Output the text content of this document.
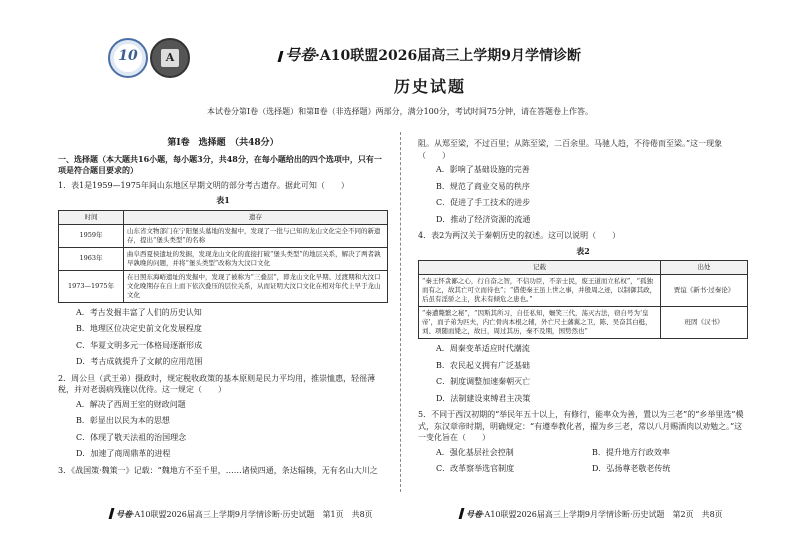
10	A	号卷·A10联盟2026届高三上学期9月学情诊断
历史试题
本试卷分第Ⅰ卷（选择题）和第Ⅱ卷（非选择题）两部分，满分100分，考试时间75分钟，请在答题卷上作答。
第Ⅰ卷　选择题　（共48分）
一、选择题（本大题共16小题，每小题3分，共48分，在每小题给出的四个选项中，只有一项是符合题目要求的）
1．表1是1959—1975年间山东地区早期文明的部分考古遗存。据此可知（　　）
表1
时间	遗存
1959年	山东省文物部门在宁阳堡头墓地的发掘中，发现了一批与已知的龙山文化完全不同的新遗存，提出“堡头类型”的名称
1963年	曲阜西夏侯遗址的发掘，发现龙山文化的直接打破“堡头类型”的地层关系，解决了两者孰早孰晚的问题，并将“堡头类型”改称为大汶口文化
1973—1975年	在日照东海峪遗址的发掘中，发现了被称为“三叠层”，即龙山文化早期、过渡期和大汶口文化晚期存在自上而下依次叠压的层位关系，从而证明大汶口文化在相对年代上早于龙山文化
A．考古发掘丰富了人们的历史认知
B．地理区位决定史前文化发展程度
C．华夏文明多元一体格局逐渐形成
D．考古成就提升了文献的应用范围
2．周公旦（武王弟）摄政时，规定税收政策的基本原则是民力平均用，推崇恤惠，轻徭薄税，并对老弱病残施以优待。这一规定（　　）
A．解决了西周王室的财政问题
B．彰显出以民为本的思想
C．体现了敬天法祖的治国理念
D．加速了商周鼎革的进程
3．《战国策·魏策一》记载：“魏地方不至千里，……诸侯四通，条达辐辏，无有名山大川之
阻。从郑至梁，不过百里；从陈至梁，二百余里。马驰人趋，不待倦而至梁。”这一现象（　　）
A．影响了基础设施的完善
B．规范了商业交易的秩序
C．促进了手工技术的进步
D．推动了经济资源的流通
4．表2为两汉关于秦朝历史的叙述。这可以说明（　　）
表2
记载	出处
“秦王怀贪鄙之心，行自奋之智，不信功臣，不亲士民，废王道而立私权”，“孤独而有之，故其亡可立而待也”；“借使秦王虽上世之事，并殷周之迹，以制御其政，后虽有淫骄之主，犹未有倾危之患也。”	贾谊《新书·过秦论》
“秦遭斃繁之秘”，“因斯其所习，自任私知，姍笑三代，荡灭古法，窃自号为‘皇帝’，而子弟为匹夫，内亡骨肉本根之辅，外亡尺土藩翼之卫，陈、吴奋其白梃，刘、项随而毙之，故曰，周过其历，秦不及期，国势然也”	班固《汉书》
A．周秦变革适应时代潮流
B．农民起义拥有广泛基础
C．制度调整加速秦朝灭亡
D．法制建设束缚君主决策
5．不同于西汉初期的“举民年五十以上，有修行，能率众为善，置以为三老”的“乡举里选”模式，东汉章帝时期，明确规定：“有遵奉教化者，擢为乡三老，常以八月赐酒肉以劝勉之。”这一变化旨在（　　）
A．强化基层社会控制	B．提升地方行政效率
C．改革察举选官制度	D．弘扬尊老敬老传统
号卷·A10联盟2026届高三上学期9月学情诊断·历史试题　第1页　共8页	号卷·A10联盟2026届高三上学期9月学情诊断·历史试题　第2页　共8页
